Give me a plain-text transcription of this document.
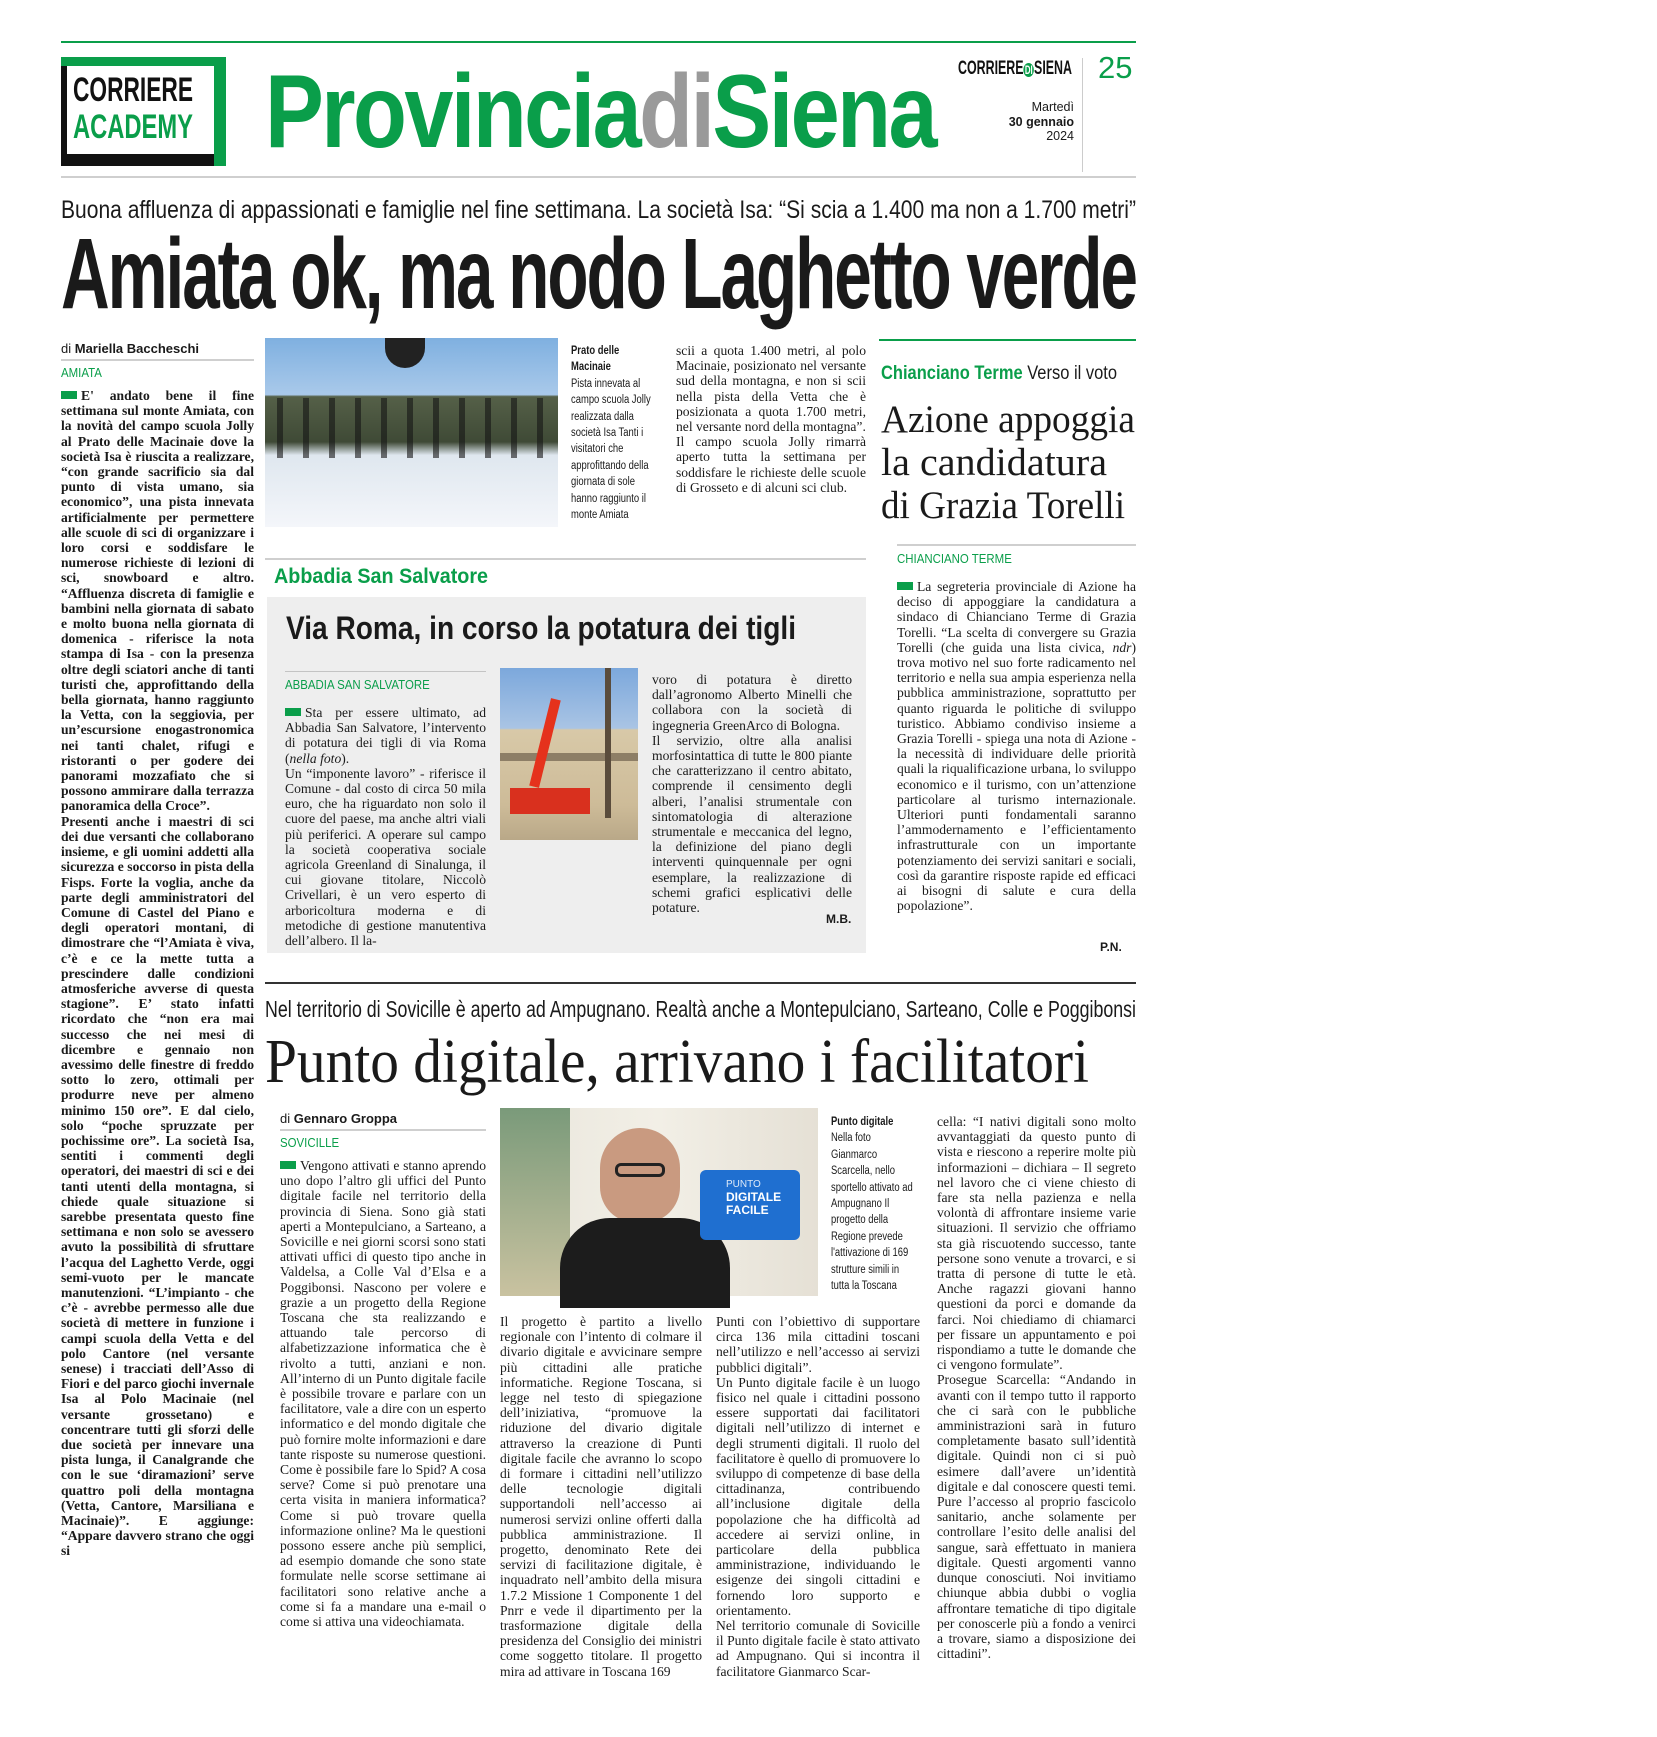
CORRIERE
ACADEMY ProvinciadiSiena	CORRIEREDISIENA 25
Martedì
30 gennaio
2024
Buona affluenza di appassionati e famiglie nel fine settimana. La società Isa: “Si scia a 1.400 ma non a 1.700 metri”
Amiata ok, ma nodo Laghetto verde
di Mariella Baccheschi
AMIATA

E' andato bene il fine settimana sul monte Amiata, con la novità del campo scuola Jolly al Prato delle Macinaie dove la società Isa è riuscita a realizzare, “con grande sacrificio sia dal punto di vista umano, sia economico”, una pista innevata artificialmente per permettere alle scuole di sci di organizzare i loro corsi e soddisfare le numerose richieste di lezioni di sci, snowboard e altro. “Affluenza discreta di famiglie e bambini nella giornata di sabato e molto buona nella giornata di domenica - riferisce la nota stampa di Isa - con la presenza oltre degli sciatori anche di tanti turisti che, approfittando della bella giornata, hanno raggiunto la Vetta, con la seggiovia, per un’escursione enogastronomica nei tanti chalet, rifugi e ristoranti o per godere dei panorami mozzafiato che si possono ammirare dalla terrazza panoramica della Croce”.

Presenti anche i maestri di sci dei due versanti che collaborano insieme, e gli uomini addetti alla sicurezza e soccorso in pista della Fisps. Forte la voglia, anche da parte degli amministratori del Comune di Castel del Piano e degli operatori montani, di dimostrare che “l’Amiata è viva, c’è e ce la mette tutta a prescindere dalle condizioni atmosferiche avverse di questa stagione”. E’ stato infatti ricordato che “non era mai successo che nei mesi di dicembre e gennaio non avessimo delle finestre di freddo sotto lo zero, ottimali per produrre neve per almeno minimo 150 ore”. E dal cielo, solo “poche spruzzate per pochissime ore”. La società Isa, sentiti i commenti degli operatori, dei maestri di sci e dei tanti utenti della montagna, si chiede quale situazione si sarebbe presentata questo fine settimana e non solo se avessero avuto la possibilità di sfruttare l’acqua del Laghetto Verde, oggi semi-vuoto per le mancate manutenzioni. “L’impianto - che c’è - avrebbe permesso alle due società di mettere in funzione i campi scuola della Vetta e del polo Cantore (nel versante senese) i tracciati dell’Asso di Fiori e del parco giochi invernale Isa al Polo Macinaie (nel versante grossetano) e concentrare tutti gli sforzi delle due società per innevare una pista lunga, il Canalgrande che con le sue ‘diramazioni’ serve quattro poli della montagna (Vetta, Cantore, Marsiliana e Macinaie)”. E aggiunge: “Appare davvero strano che oggi si

Prato delle Macinaie
Pista innevata al campo scuola Jolly realizzata dalla società Isa Tanti i visitatori che approfittando della giornata di sole hanno raggiunto il monte Amiata

scii a quota 1.400 metri, al polo Macinaie, posizionato nel versante sud della montagna, e non si scii nella pista della Vetta che è posizionata a quota 1.700 metri, nel versante nord della montagna”.

Il campo scuola Jolly rimarrà aperto tutta la settimana per soddisfare le richieste delle scuole di Grosseto e di alcuni sci club.

Chianciano Terme Verso il voto
Azione appoggia
la candidatura
di Grazia Torelli
CHIANCIANO TERME

La segreteria provinciale di Azione ha deciso di appoggiare la candidatura a sindaco di Chianciano Terme di Grazia Torelli. “La scelta di convergere su Grazia Torelli (che guida una lista civica, ndr) trova motivo nel suo forte radicamento nel territorio e nella sua ampia esperienza nella pubblica amministrazione, soprattutto per quanto riguarda le politiche di sviluppo turistico. Abbiamo condiviso insieme a Grazia Torelli - spiega una nota di Azione - la necessità di individuare delle priorità quali la riqualificazione urbana, lo sviluppo economico e il turismo, con un’attenzione particolare al turismo internazionale. Ulteriori punti fondamentali saranno l’ammodernamento e l’efficientamento infrastrutturale con un importante potenziamento dei servizi sanitari e sociali, così da garantire risposte rapide ed efficaci ai bisogni di salute e cura della popolazione”.

P.N.
Abbadia San Salvatore
Via Roma, in corso la potatura dei tigli
ABBADIA SAN SALVATORE

Sta per essere ultimato, ad Abbadia San Salvatore, l’intervento di potatura dei tigli di via Roma (nella foto).

Un “imponente lavoro” - riferisce il Comune - dal costo di circa 50 mila euro, che ha riguardato non solo il cuore del paese, ma anche altri viali più periferici. A operare sul campo la società cooperativa sociale agricola Greenland di Sinalunga, il cui giovane titolare, Niccolò Crivellari, è un vero esperto di arboricoltura moderna e di metodiche di gestione manutentiva dell’albero. Il la-

voro di potatura è diretto dall’agronomo Alberto Minelli che collabora con la società di ingegneria GreenArco di Bologna.

Il servizio, oltre alla analisi morfosintattica di tutte le 800 piante che caratterizzano il centro abitato, comprende il censimento degli alberi, l’analisi strumentale con sintomatologia di alterazione strumentale e meccanica del legno, la definizione del piano degli interventi quinquennale per ogni esemplare, la realizzazione di schemi grafici esplicativi delle potature.

M.B.
Nel territorio di Sovicille è aperto ad Ampugnano. Realtà anche a Montepulciano, Sarteano, Colle e Poggibonsi
Punto digitale, arrivano i facilitatori
di Gennaro Groppa
SOVICILLE

Vengono attivati e stanno aprendo uno dopo l’altro gli uffici del Punto digitale facile nel territorio della provincia di Siena. Sono già stati aperti a Montepulciano, a Sarteano, a Sovicille e nei giorni scorsi sono stati attivati uffici di questo tipo anche in Valdelsa, a Colle Val d’Elsa e a Poggibonsi. Nascono per volere e grazie a un progetto della Regione Toscana che sta realizzando e attuando tale percorso di alfabetizzazione informatica che è rivolto a tutti, anziani e non. All’interno di un Punto digitale facile è possibile trovare e parlare con un facilitatore, vale a dire con un esperto informatico e del mondo digitale che può fornire molte informazioni e dare tante risposte su numerose questioni. Come è possibile fare lo Spid? A cosa serve? Come si può prenotare una certa visita in maniera informatica? Come si può trovare quella informazione online? Ma le questioni possono essere anche più semplici, ad esempio domande che sono state formulate nelle scorse settimane ai facilitatori sono relative anche a come si fa a mandare una e-mail o come si attiva una videochiamata.

PUNTO
DIGITALE
FACILE
Punto digitale
Nella foto Gianmarco Scarcella, nello sportello attivato ad Ampugnano Il progetto della Regione prevede l'attivazione di 169 strutture simili in tutta la Toscana

Il progetto è partito a livello regionale con l’intento di colmare il divario digitale e avvicinare sempre più cittadini alle pratiche informatiche. Regione Toscana, si legge nel testo di spiegazione dell’iniziativa, “promuove la riduzione del divario digitale attraverso la creazione di Punti digitale facile che avranno lo scopo di formare i cittadini nell’utilizzo delle tecnologie digitali supportandoli nell’accesso ai numerosi servizi online offerti dalla pubblica amministrazione. Il progetto, denominato Rete dei servizi di facilitazione digitale, è inquadrato nell’ambito della misura 1.7.2 Missione 1 Componente 1 del Pnrr e vede il dipartimento per la trasformazione digitale della presidenza del Consiglio dei ministri come soggetto titolare. Il progetto mira ad attivare in Toscana 169

Punti con l’obiettivo di supportare circa 136 mila cittadini toscani nell’utilizzo e nell’accesso ai servizi pubblici digitali”.

Un Punto digitale facile è un luogo fisico nel quale i cittadini possono essere supportati dai facilitatori digitali nell’utilizzo di internet e degli strumenti digitali. Il ruolo del facilitatore è quello di promuovere lo sviluppo di competenze di base della cittadinanza, contribuendo all’inclusione digitale della popolazione che ha difficoltà ad accedere ai servizi online, in particolare della pubblica amministrazione, individuando le esigenze dei singoli cittadini e fornendo loro supporto e orientamento.

Nel territorio comunale di Sovicille il Punto digitale facile è stato attivato ad Ampugnano. Qui si incontra il facilitatore Gianmarco Scar-

cella: “I nativi digitali sono molto avvantaggiati da questo punto di vista e riescono a reperire molte più informazioni – dichiara – Il segreto nel lavoro che ci viene chiesto di fare sta nella pazienza e nella volontà di affrontare insieme varie situazioni. Il servizio che offriamo sta già riscuotendo successo, tante persone sono venute a trovarci, e si tratta di persone di tutte le età. Anche ragazzi giovani hanno questioni da porci e domande da farci. Noi chiediamo di chiamarci per fissare un appuntamento e poi rispondiamo a tutte le domande che ci vengono formulate”.

Prosegue Scarcella: “Andando in avanti con il tempo tutto il rapporto che ci sarà con le pubbliche amministrazioni sarà in futuro completamente basato sull’identità digitale. Quindi non ci si può esimere dall’avere un’identità digitale e dal conoscere questi temi. Pure l’accesso al proprio fascicolo sanitario, anche solamente per controllare l’esito delle analisi del sangue, sarà effettuato in maniera digitale. Questi argomenti vanno dunque conosciuti. Noi invitiamo chiunque abbia dubbi o voglia affrontare tematiche di tipo digitale per conoscerle più a fondo a venirci a trovare, siamo a disposizione dei cittadini”.
